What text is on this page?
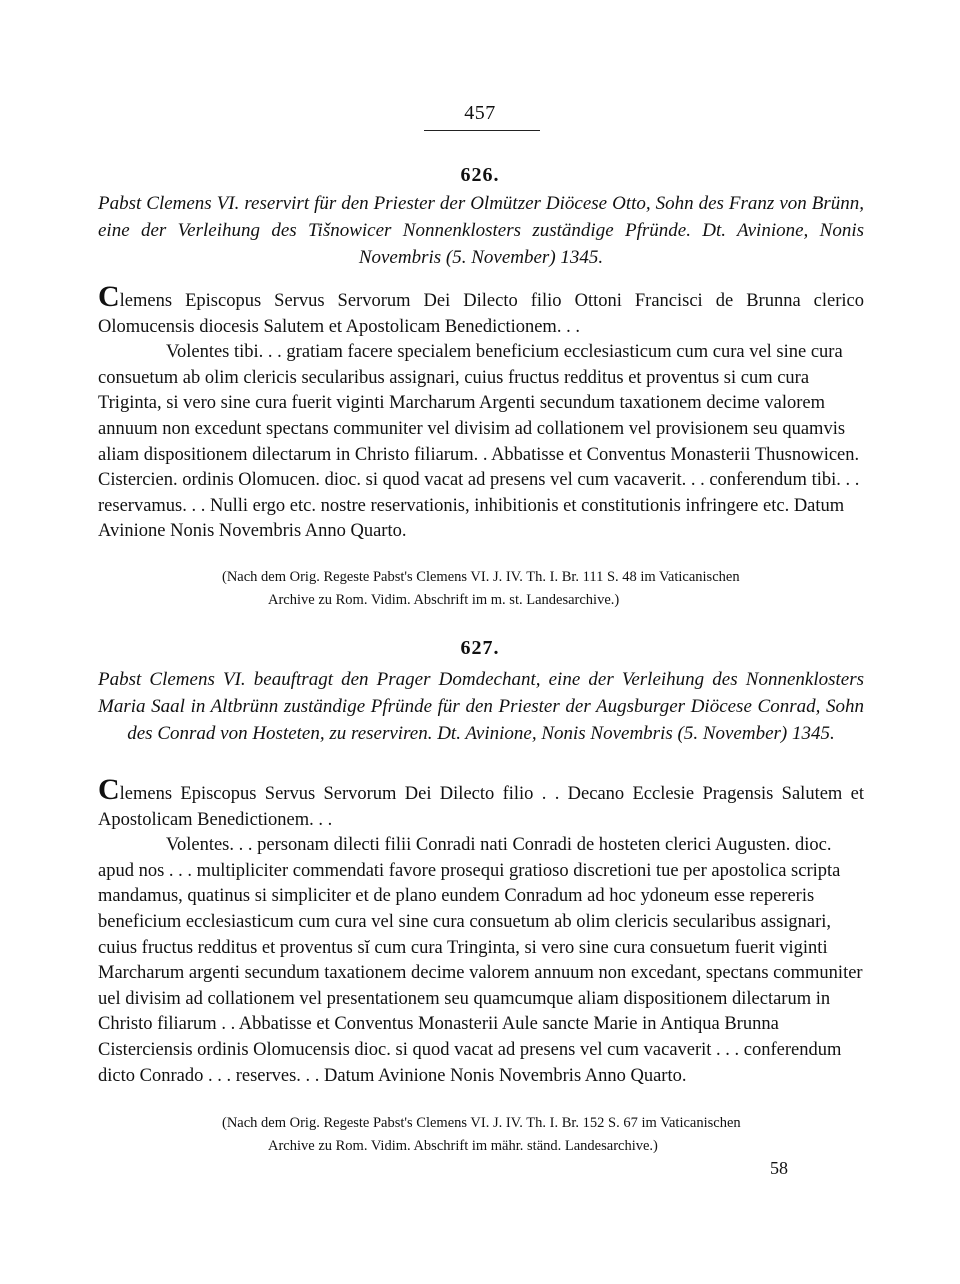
457
626.
Pabst Clemens VI. reservirt für den Priester der Olmützer Diöcese Otto, Sohn des Franz von Brünn, eine der Verleihung des Tišnowicer Nonnenklosters zuständige Pfründe. Dt. Avinione, Nonis Novembris (5. November) 1345.

Clemens Episcopus Servus Servorum Dei Dilecto filio Ottoni Francisci de Brunna clerico Olomucensis diocesis Salutem et Apostolicam Benedictionem. . .

Volentes tibi. . . gratiam facere specialem beneficium ecclesiasticum cum cura vel sine cura consuetum ab olim clericis secularibus assignari, cuius fructus redditus et proventus si cum cura Triginta, si vero sine cura fuerit viginti Marcharum Argenti secundum taxationem decime valorem annuum non excedunt spectans communiter vel divisim ad collationem vel provisionem seu quamvis aliam dispositionem dilectarum in Christo filiarum. . Abbatisse et Conventus Monasterii Thusnowicen. Cistercien. ordinis Olomucen. dioc. si quod vacat ad presens vel cum vacaverit. . . conferendum tibi. . . reservamus. . . Nulli ergo etc. nostre reservationis, inhibitionis et constitutionis infringere etc. Datum Avinione Nonis Novembris Anno Quarto.

(Nach dem Orig. Regeste Pabst's Clemens VI. J. IV. Th. I. Br. 111 S. 48 im Vaticanischen

Archive zu Rom. Vidim. Abschrift im m. st. Landesarchive.)

627.
Pabst Clemens VI. beauftragt den Prager Domdechant, eine der Verleihung des Nonnenklosters Maria Saal in Altbrünn zuständige Pfründe für den Priester der Augsburger Diöcese Conrad, Sohn des Conrad von Hosteten, zu reserviren. Dt. Avinione, Nonis Novembris (5. November) 1345.

Clemens Episcopus Servus Servorum Dei Dilecto filio . . Decano Ecclesie Pragensis Salutem et Apostolicam Benedictionem. . .

Volentes. . . personam dilecti filii Conradi nati Conradi de hosteten clerici Augusten. dioc. apud nos . . . multipliciter commendati favore prosequi gratioso discretioni tue per apostolica scripta mandamus, quatinus si simpliciter et de plano eundem Conradum ad hoc ydoneum esse repereris beneficium ecclesiasticum cum cura vel sine cura consuetum ab olim clericis secularibus assignari, cuius fructus redditus et proventus sĭ cum cura Tringinta, si vero sine cura consuetum fuerit viginti Marcharum argenti secundum taxationem decime valorem annuum non excedant, spectans communiter uel divisim ad collationem vel presentationem seu quamcumque aliam dispositionem dilectarum in Christo filiarum . . Abbatisse et Conventus Monasterii Aule sancte Marie in Antiqua Brunna Cisterciensis ordinis Olomucensis dioc. si quod vacat ad presens vel cum vacaverit . . . conferendum dicto Conrado . . . reserves. . . Datum Avinione Nonis Novembris Anno Quarto.

(Nach dem Orig. Regeste Pabst's Clemens VI. J. IV. Th. I. Br. 152 S. 67 im Vaticanischen

Archive zu Rom. Vidim. Abschrift im mähr. ständ. Landesarchive.)

58
